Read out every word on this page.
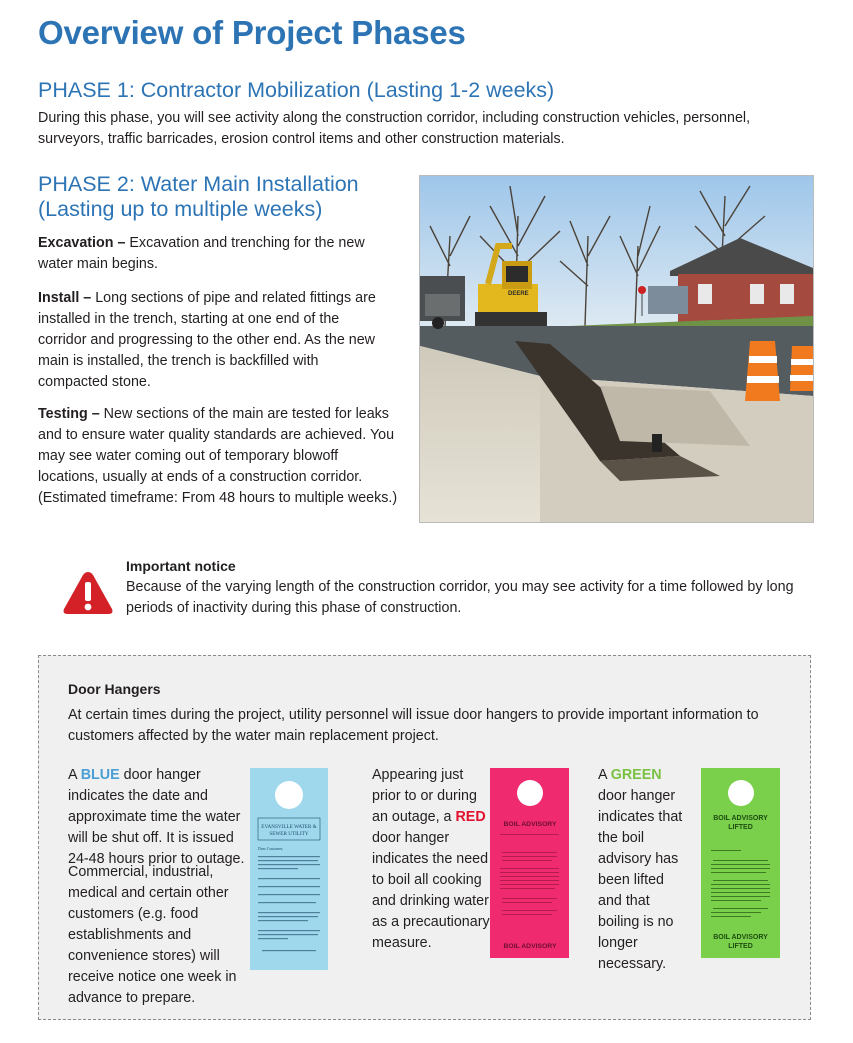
Overview of Project Phases
PHASE 1: Contractor Mobilization (Lasting 1-2 weeks)
During this phase, you will see activity along the construction corridor, including construction vehicles, personnel, surveyors, traffic barricades, erosion control items and other construction materials.
PHASE 2: Water Main Installation
(Lasting up to multiple weeks)
Excavation – Excavation and trenching for the new water main begins.
Install – Long sections of pipe and related fittings are installed in the trench, starting at one end of the corridor and progressing to the other end. As the new main is installed, the trench is backfilled with compacted stone.
Testing – New sections of the main are tested for leaks and to ensure water quality standards are achieved. You may see water coming out of temporary blowoff locations, usually at ends of a construction corridor. (Estimated timeframe: From 48 hours to multiple weeks.)
DEERE
Important notice
Because of the varying length of the construction corridor, you may see activity for a time followed by long periods of inactivity during this phase of construction.
Door Hangers
At certain times during the project, utility personnel will issue door hangers to provide important information to customers affected by the water main replacement project.
A BLUE door hanger indicates the date and approximate time the water will be shut off. It is issued 24-48 hours prior to outage.
Commercial, industrial, medical and certain other customers (e.g. food establishments and convenience stores) will receive notice one week in advance to prepare.
EVANSVILLE WATER &
SEWER UTILITY
Dear Customer,
Appearing just prior to or during an outage, a RED door hanger indicates the need to boil all cooking and drinking water as a precautionary measure.
BOIL ADVISORY
BOIL ADVISORY
A GREEN door hanger indicates that the boil advisory has been lifted and that boiling is no longer necessary.
BOIL ADVISORY LIFTED
BOIL ADVISORY LIFTED
